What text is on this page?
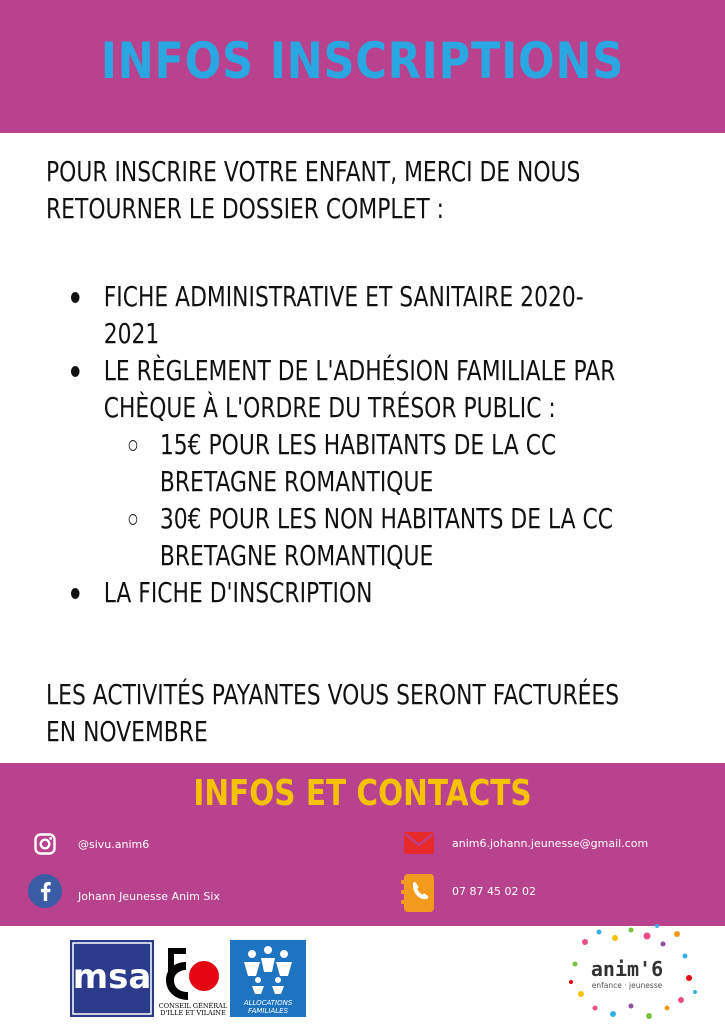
INFOS INSCRIPTIONS
POUR INSCRIRE VOTRE ENFANT, MERCI DE NOUS
RETOURNER LE DOSSIER COMPLET :
FICHE ADMINISTRATIVE ET SANITAIRE 2020-
2021
LE RÈGLEMENT DE L'ADHÉSION FAMILIALE PAR
CHÈQUE À L'ORDRE DU TRÉSOR PUBLIC :
15€ POUR LES HABITANTS DE LA CC
BRETAGNE ROMANTIQUE
30€ POUR LES NON HABITANTS DE LA CC
BRETAGNE ROMANTIQUE
LA FICHE D'INSCRIPTION
LES ACTIVITÉS PAYANTES VOUS SERONT FACTURÉES
EN NOVEMBRE
INFOS ET CONTACTS
@sivu.anim6	anim6.johann.jeunesse@gmail.com
Johann Jeunesse Anim Six	07 87 45 02 02
msa
CONSEIL GÉNÉRAL
D'ILLE ET VILAINE
ALLOCATIONS
FAMILIALES
anim'6
enfance · jeunesse
